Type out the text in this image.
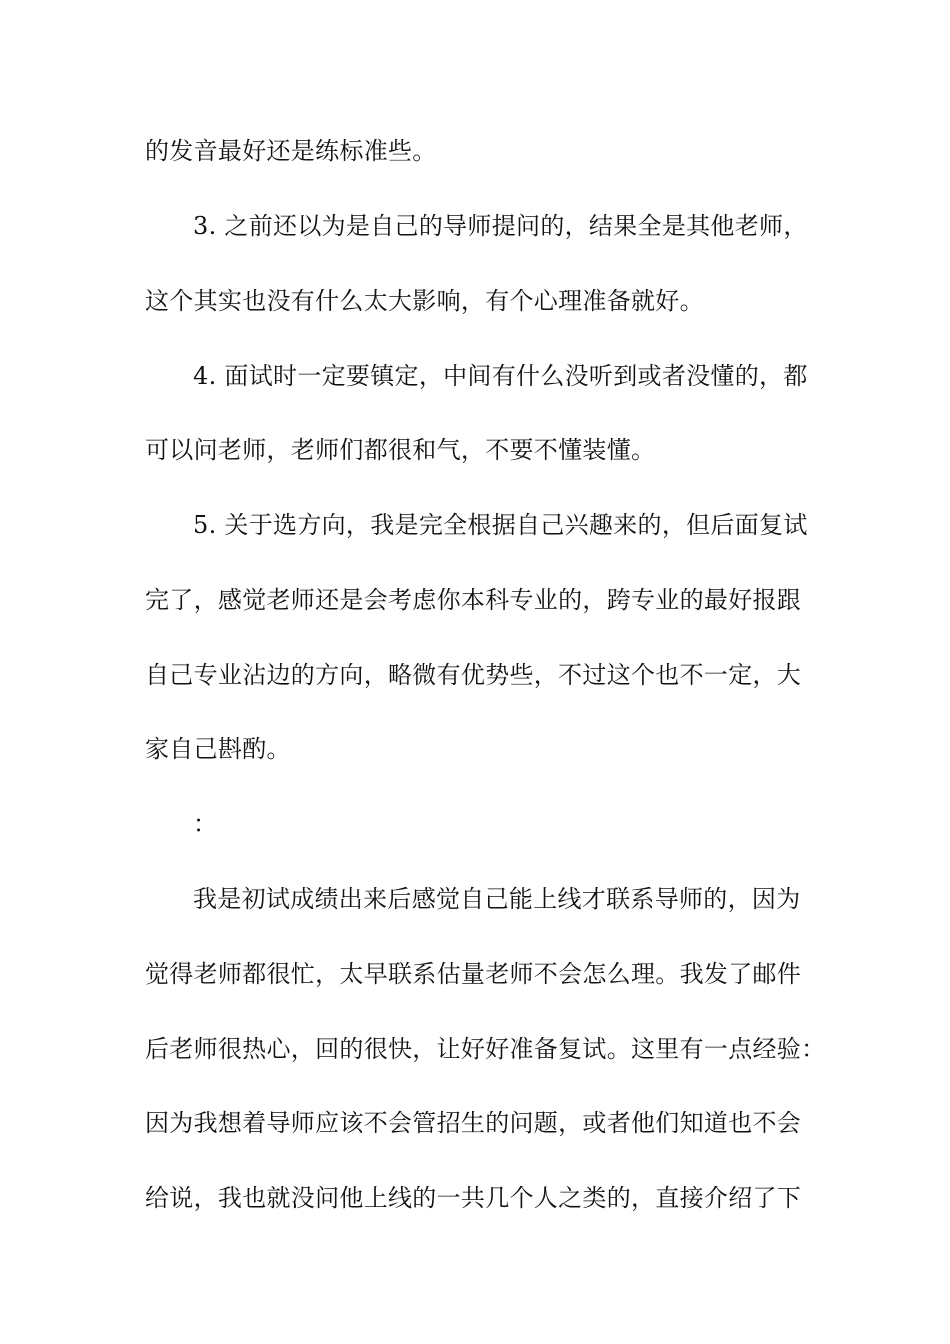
的发音最好还是练标准些。
3. 之前还以为是自己的导师提问的，结果全是其他老师，
这个其实也没有什么太大影响，有个心理准备就好。
4. 面试时一定要镇定，中间有什么没听到或者没懂的，都
可以问老师，老师们都很和气，不要不懂装懂。
5. 关于选方向，我是完全根据自己兴趣来的，但后面复试
完了，感觉老师还是会考虑你本科专业的，跨专业的最好报跟
自己专业沾边的方向，略微有优势些，不过这个也不一定，大
家自己斟酌。
：
我是初试成绩出来后感觉自己能上线才联系导师的，因为
觉得老师都很忙，太早联系估量老师不会怎么理。我发了邮件
后老师很热心，回的很快，让好好准备复试。这里有一点经验：
因为我想着导师应该不会管招生的问题，或者他们知道也不会
给说，我也就没问他上线的一共几个人之类的，直接介绍了下
